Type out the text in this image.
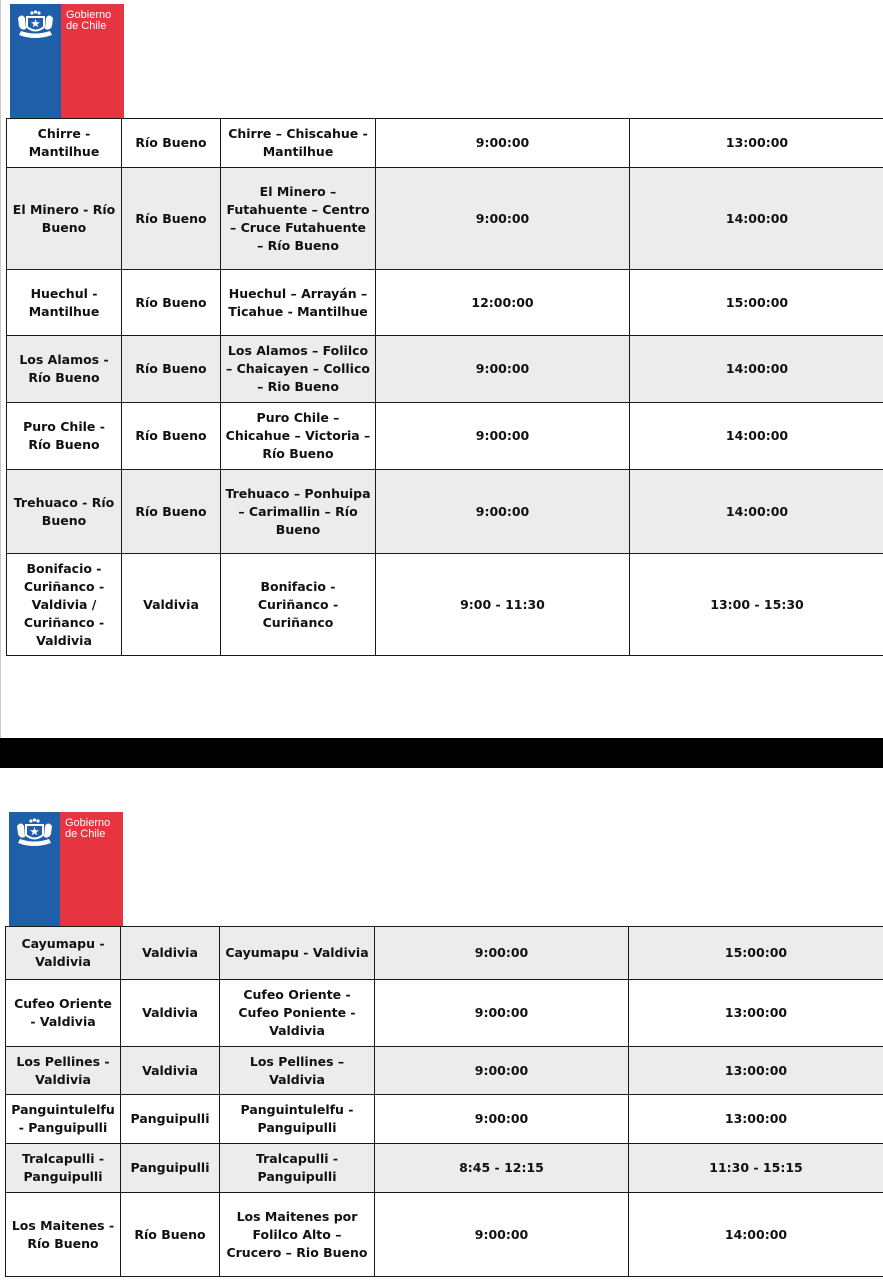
Gobierno
de Chile
Chirre - Mantilhue	Río Bueno	Chirre – Chiscahue - Mantilhue	9:00:00	13:00:00
El Minero - Río Bueno	Río Bueno	El Minero – Futahuente – Centro – Cruce Futahuente – Río Bueno	9:00:00	14:00:00
Huechul - Mantilhue	Río Bueno	Huechul – Arrayán – Ticahue - Mantilhue	12:00:00	15:00:00
Los Alamos - Río Bueno	Río Bueno	Los Alamos – Folilco – Chaicayen – Collico – Rio Bueno	9:00:00	14:00:00
Puro Chile - Río Bueno	Río Bueno	Puro Chile – Chicahue – Victoria – Río Bueno	9:00:00	14:00:00
Trehuaco - Río Bueno	Río Bueno	Trehuaco – Ponhuipa – Carimallin – Río Bueno	9:00:00	14:00:00
Bonifacio - Curiñanco - Valdivia / Curiñanco - Valdivia	Valdivia	Bonifacio - Curiñanco - Curiñanco	9:00 - 11:30	13:00 - 15:30
Gobierno
de Chile
Cayumapu - Valdivia	Valdivia	Cayumapu - Valdivia	9:00:00	15:00:00
Cufeo Oriente - Valdivia	Valdivia	Cufeo Oriente - Cufeo Poniente - Valdivia	9:00:00	13:00:00
Los Pellines - Valdivia	Valdivia	Los Pellines – Valdivia	9:00:00	13:00:00
Panguintulelfu - Panguipulli	Panguipulli	Panguintulelfu - Panguipulli	9:00:00	13:00:00
Tralcapulli - Panguipulli	Panguipulli	Tralcapulli - Panguipulli	8:45 - 12:15	11:30 - 15:15
Los Maitenes - Río Bueno	Río Bueno	Los Maitenes por Folilco Alto – Crucero – Rio Bueno	9:00:00	14:00:00
